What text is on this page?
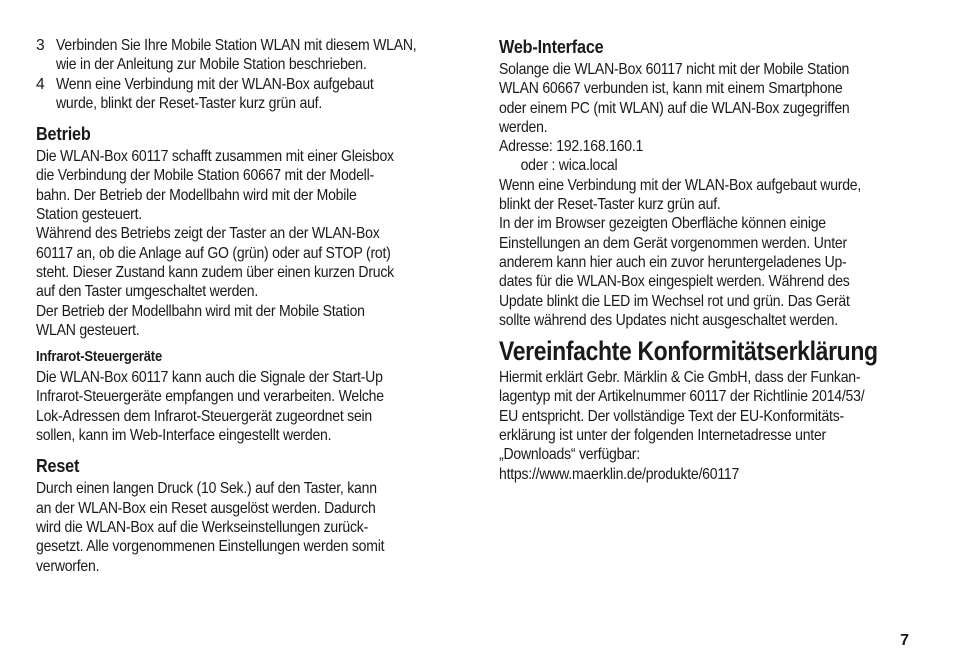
3 Verbinden Sie Ihre Mobile Station WLAN mit diesem WLAN,
wie in der Anleitung zur Mobile Station beschrieben.
4 Wenn eine Verbindung mit der WLAN-Box aufgebaut
wurde, blinkt der Reset-Taster kurz grün auf.
Betrieb
Die WLAN-Box 60117 schafft zusammen mit einer Gleisbox
die Verbindung der Mobile Station 60667 mit der Modell-
bahn. Der Betrieb der Modellbahn wird mit der Mobile
Station gesteuert.
Während des Betriebs zeigt der Taster an der WLAN-Box
60117 an, ob die Anlage auf GO (grün) oder auf STOP (rot)
steht. Dieser Zustand kann zudem über einen kurzen Druck
auf den Taster umgeschaltet werden.
Der Betrieb der Modellbahn wird mit der Mobile Station
WLAN gesteuert.
Infrarot-Steuergeräte
Die WLAN-Box 60117 kann auch die Signale der Start-Up
Infrarot-Steuergeräte empfangen und verarbeiten. Welche
Lok-Adressen dem Infrarot-Steuergerät zugeordnet sein
sollen, kann im Web-Interface eingestellt werden.
Reset
Durch einen langen Druck (10 Sek.) auf den Taster, kann
an der WLAN-Box ein Reset ausgelöst werden. Dadurch
wird die WLAN-Box auf die Werkseinstellungen zurück-
gesetzt. Alle vorgenommenen Einstellungen werden somit
verworfen.
Web-Interface
Solange die WLAN-Box 60117 nicht mit der Mobile Station
WLAN 60667 verbunden ist, kann mit einem Smartphone
oder einem PC (mit WLAN) auf die WLAN-Box zugegriffen
werden.
Adresse: 192.168.160.1
oder : wica.local
Wenn eine Verbindung mit der WLAN-Box aufgebaut wurde,
blinkt der Reset-Taster kurz grün auf.
In der im Browser gezeigten Oberfläche können einige
Einstellungen an dem Gerät vorgenommen werden. Unter
anderem kann hier auch ein zuvor heruntergeladenes Up-
dates für die WLAN-Box eingespielt werden. Während des
Update blinkt die LED im Wechsel rot und grün. Das Gerät
sollte während des Updates nicht ausgeschaltet werden.
Vereinfachte Konformitätserklärung
Hiermit erklärt Gebr. Märklin & Cie GmbH, dass der Funkan-
lagentyp mit der Artikelnummer 60117 der Richtlinie 2014/53/
EU entspricht. Der vollständige Text der EU-Konformitäts-
erklärung ist unter der folgenden Internetadresse unter
„Downloads“ verfügbar:
https://www.maerklin.de/produkte/60117
7
